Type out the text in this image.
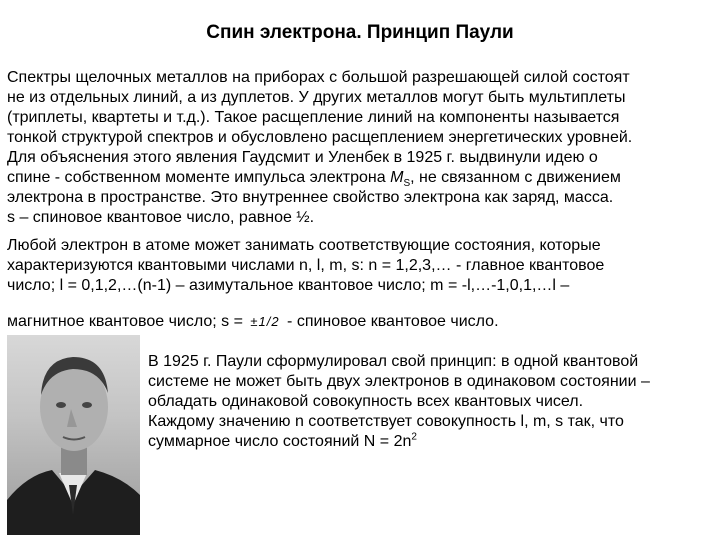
Спин электрона. Принцип Паули
Спектры щелочных металлов на приборах с большой разрешающей силой состоят
не из отдельных линий, а из дуплетов. У других металлов могут быть мультиплеты
(триплеты, квартеты и т.д.). Такое расщепление линий на компоненты называется
тонкой структурой спектров и обусловлено расщеплением энергетических уровней.
Для объяснения этого явления Гаудсмит и Уленбек в 1925 г. выдвинули идею о
спине - собственном моменте импульса электрона $M_S$, не связанном с движением
электрона в пространстве. Это внутреннее свойство электрона как заряд, масса.
s – спиновое квантовое число, равное ½.
Любой электрон в атоме может занимать соответствующие состояния, которые
характеризуются квантовыми числами n, l, m, s: n = 1,2,3,… - главное квантовое
число; l = 0,1,2,…(n-1) – азимутальное квантовое число; m = -l,…-1,0,1,…l –
магнитное квантовое число; s = ±1/2 - спиновое квантовое число.
В 1925 г. Паули сформулировал свой принцип: в одной квантовой
системе не может быть двух электронов в одинаковом состоянии –
обладать одинаковой совокупность всех квантовых чисел.
Каждому значению n соответствует совокупность l, m, s так, что
суммарное число состояний $N = 2n^2$
